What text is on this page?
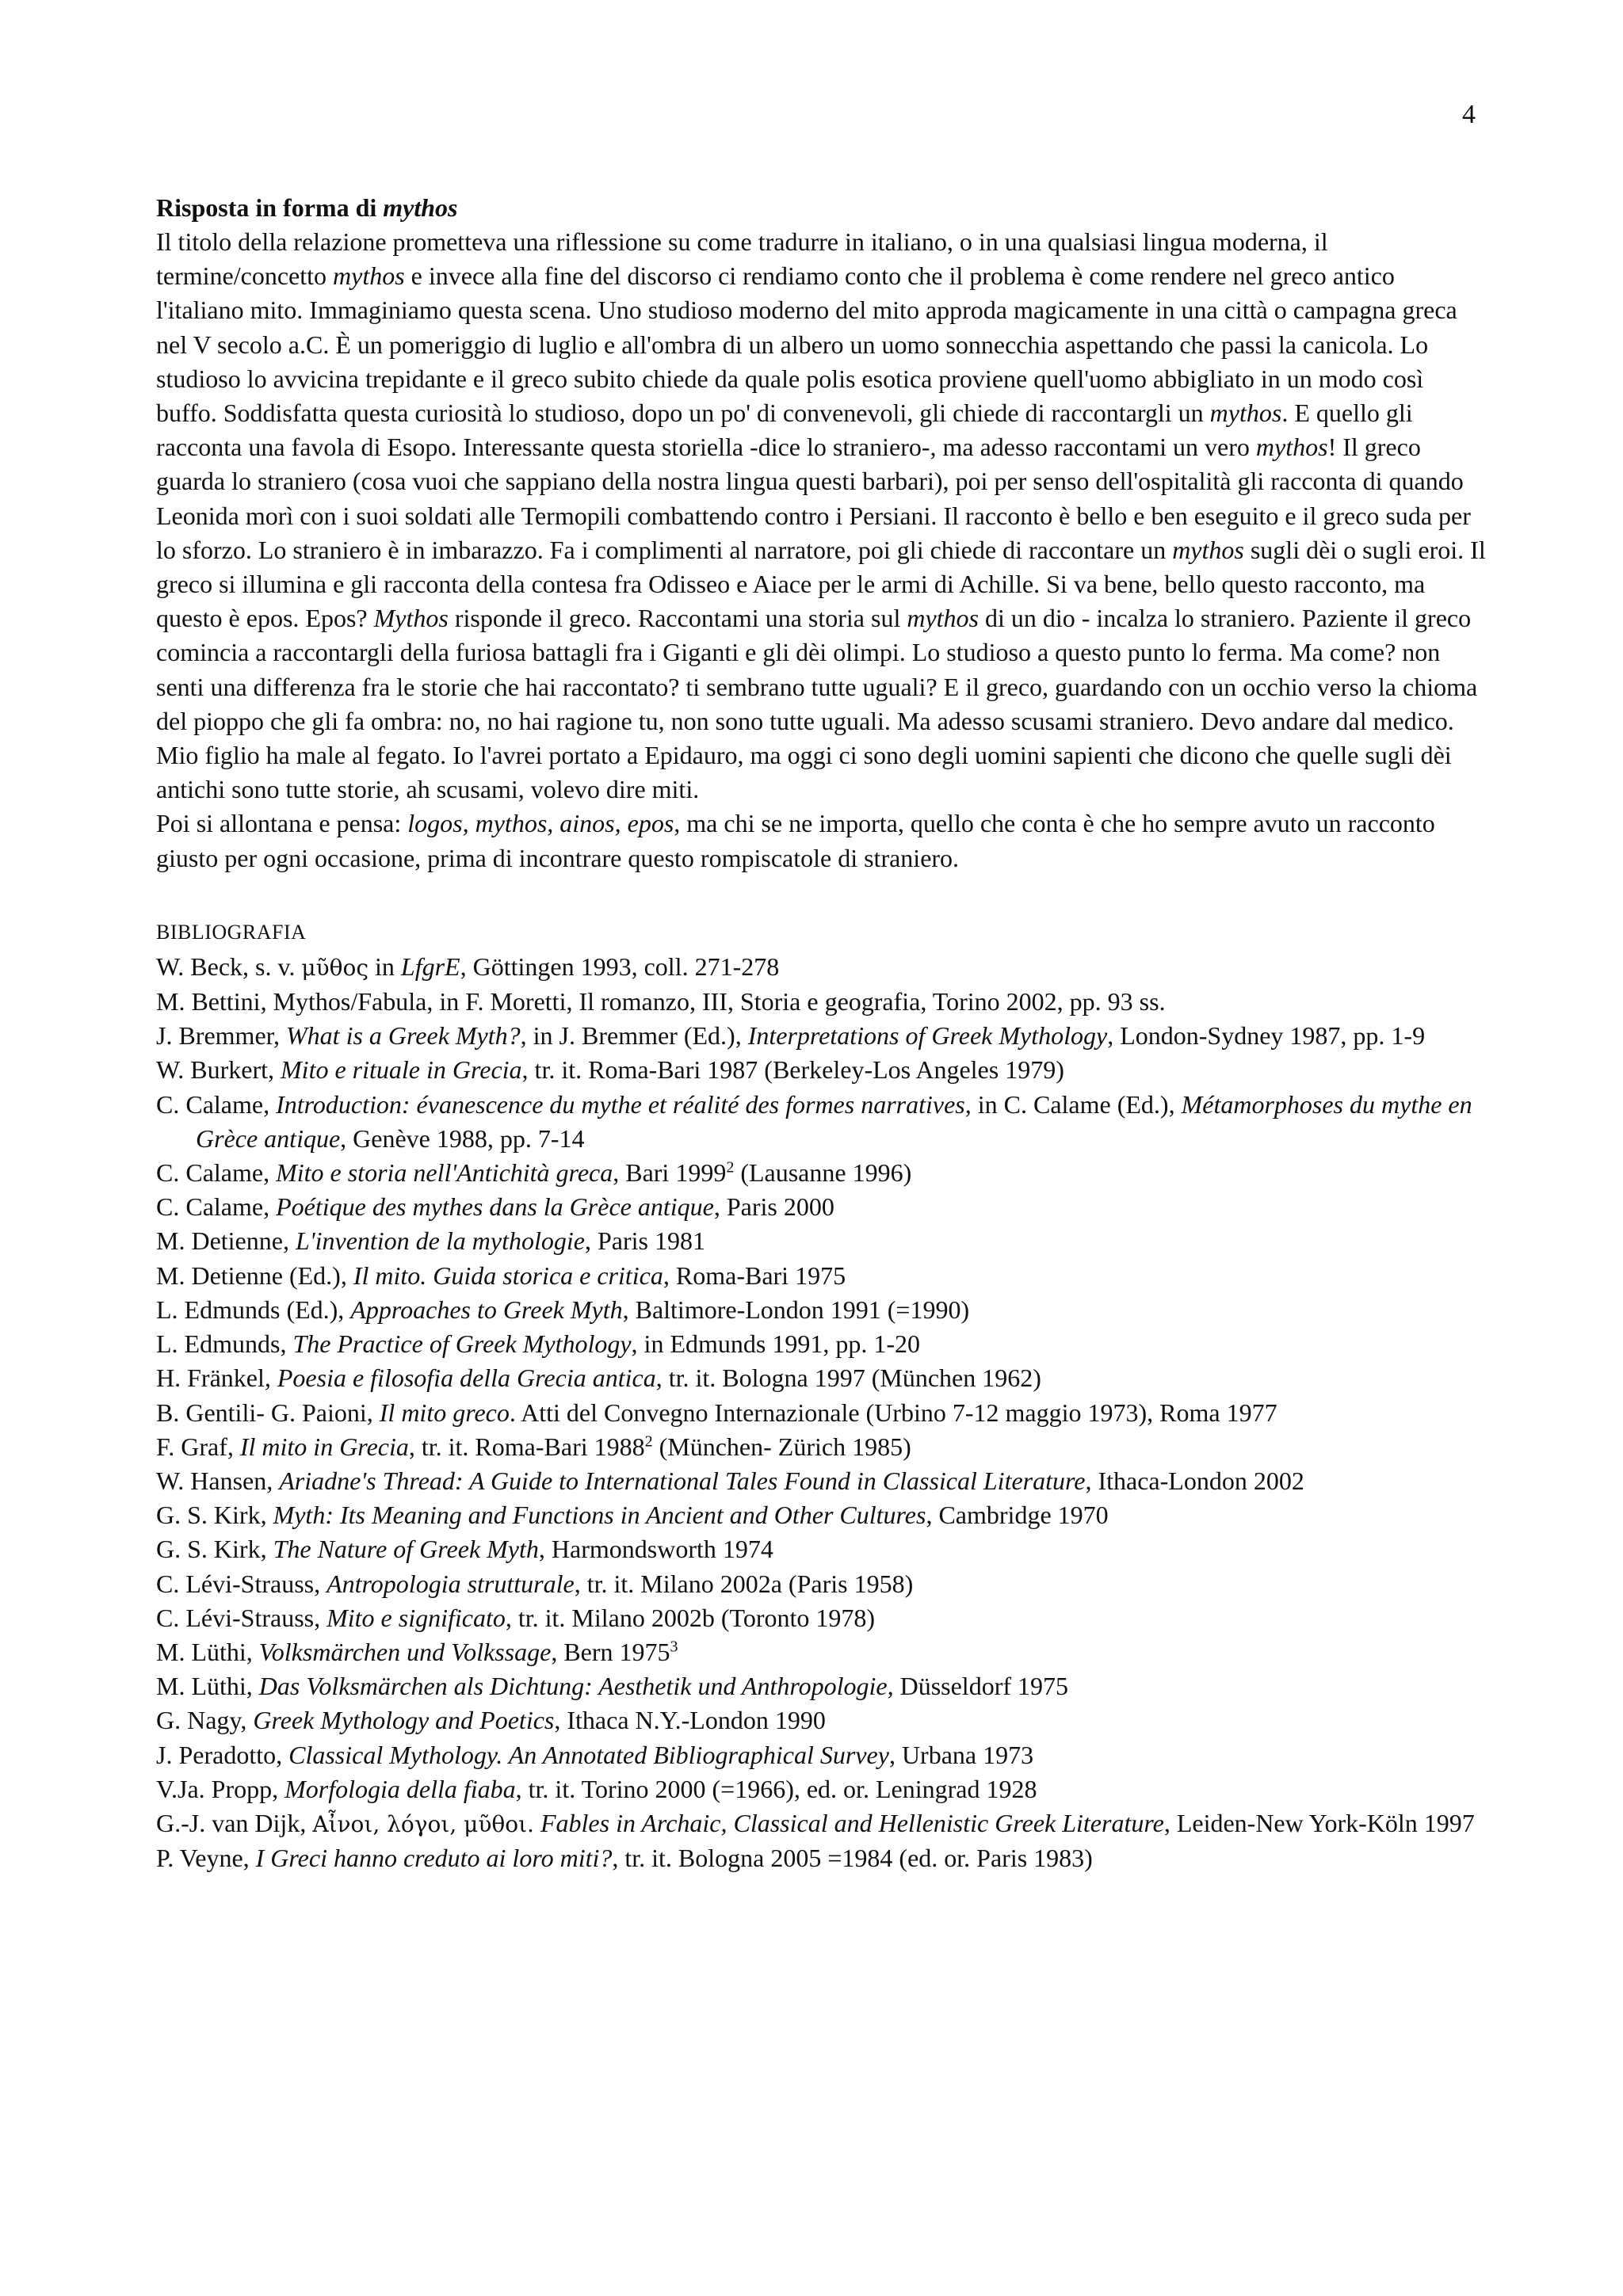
4
Risposta in forma di mythos

Il titolo della relazione prometteva una riflessione su come tradurre in italiano, o in una qualsiasi lingua moderna, il termine/concetto mythos e invece alla fine del discorso ci rendiamo conto che il problema è come rendere nel greco antico l'italiano mito. Immaginiamo questa scena. Uno studioso moderno del mito approda magicamente in una città o campagna greca nel V secolo a.C. È un pomeriggio di luglio e all'ombra di un albero un uomo sonnecchia aspettando che passi la canicola. Lo studioso lo avvicina trepidante e il greco subito chiede da quale polis esotica proviene quell'uomo abbigliato in un modo così buffo. Soddisfatta questa curiosità lo studioso, dopo un po' di convenevoli, gli chiede di raccontargli un mythos. E quello gli racconta una favola di Esopo. Interessante questa storiella -dice lo straniero-, ma adesso raccontami un vero mythos! Il greco guarda lo straniero (cosa vuoi che sappiano della nostra lingua questi barbari), poi per senso dell'ospitalità gli racconta di quando Leonida morì con i suoi soldati alle Termopili combattendo contro i Persiani. Il racconto è bello e ben eseguito e il greco suda per lo sforzo. Lo straniero è in imbarazzo. Fa i complimenti al narratore, poi gli chiede di raccontare un mythos sugli dèi o sugli eroi. Il greco si illumina e gli racconta della contesa fra Odisseo e Aiace per le armi di Achille. Si va bene, bello questo racconto, ma questo è epos. Epos? Mythos risponde il greco. Raccontami una storia sul mythos di un dio - incalza lo straniero. Paziente il greco comincia a raccontargli della furiosa battagli fra i Giganti e gli dèi olimpi. Lo studioso a questo punto lo ferma. Ma come? non senti una differenza fra le storie che hai raccontato? ti sembrano tutte uguali? E il greco, guardando con un occhio verso la chioma del pioppo che gli fa ombra: no, no hai ragione tu, non sono tutte uguali. Ma adesso scusami straniero. Devo andare dal medico. Mio figlio ha male al fegato. Io l'avrei portato a Epidauro, ma oggi ci sono degli uomini sapienti che dicono che quelle sugli dèi antichi sono tutte storie, ah scusami, volevo dire miti.

Poi si allontana e pensa: logos, mythos, ainos, epos, ma chi se ne importa, quello che conta è che ho sempre avuto un racconto giusto per ogni occasione, prima di incontrare questo rompiscatole di straniero.

BIBLIOGRAFIA
W. Beck, s. v. μῦθος in LfgrE, Göttingen 1993, coll. 271-278
M. Bettini, Mythos/Fabula, in F. Moretti, Il romanzo, III, Storia e geografia, Torino 2002, pp. 93 ss.
J. Bremmer, What is a Greek Myth?, in J. Bremmer (Ed.), Interpretations of Greek Mythology, London-Sydney 1987, pp. 1-9
W. Burkert, Mito e rituale in Grecia, tr. it. Roma-Bari 1987 (Berkeley-Los Angeles 1979)
C. Calame, Introduction: évanescence du mythe et réalité des formes narratives, in C. Calame (Ed.), Métamorphoses du mythe en Grèce antique, Genève 1988, pp. 7-14
C. Calame, Mito e storia nell'Antichità greca, Bari 1999$^2$ (Lausanne 1996)
C. Calame, Poétique des mythes dans la Grèce antique, Paris 2000
M. Detienne, L'invention de la mythologie, Paris 1981
M. Detienne (Ed.), Il mito. Guida storica e critica, Roma-Bari 1975
L. Edmunds (Ed.), Approaches to Greek Myth, Baltimore-London 1991 (=1990)
L. Edmunds, The Practice of Greek Mythology, in Edmunds 1991, pp. 1-20
H. Fränkel, Poesia e filosofia della Grecia antica, tr. it. Bologna 1997 (München 1962)
B. Gentili- G. Paioni, Il mito greco. Atti del Convegno Internazionale (Urbino 7-12 maggio 1973), Roma 1977
F. Graf, Il mito in Grecia, tr. it. Roma-Bari 1988$^2$ (München- Zürich 1985)
W. Hansen, Ariadne's Thread: A Guide to International Tales Found in Classical Literature, Ithaca-London 2002
G. S. Kirk, Myth: Its Meaning and Functions in Ancient and Other Cultures, Cambridge 1970
G. S. Kirk, The Nature of Greek Myth, Harmondsworth 1974
C. Lévi-Strauss, Antropologia strutturale, tr. it. Milano 2002a (Paris 1958)
C. Lévi-Strauss, Mito e significato, tr. it. Milano 2002b (Toronto 1978)
M. Lüthi, Volksmärchen und Volkssage, Bern 1975$^3$
M. Lüthi, Das Volksmärchen als Dichtung: Aesthetik und Anthropologie, Düsseldorf 1975
G. Nagy, Greek Mythology and Poetics, Ithaca N.Y.-London 1990
J. Peradotto, Classical Mythology. An Annotated Bibliographical Survey, Urbana 1973
V.Ja. Propp, Morfologia della fiaba, tr. it. Torino 2000 (=1966), ed. or. Leningrad 1928
G.-J. van Dijk, Αἶνοι, λόγοι, μῦθοι. Fables in Archaic, Classical and Hellenistic Greek Literature, Leiden-New York-Köln 1997
P. Veyne, I Greci hanno creduto ai loro miti?, tr. it. Bologna 2005 =1984 (ed. or. Paris 1983)
